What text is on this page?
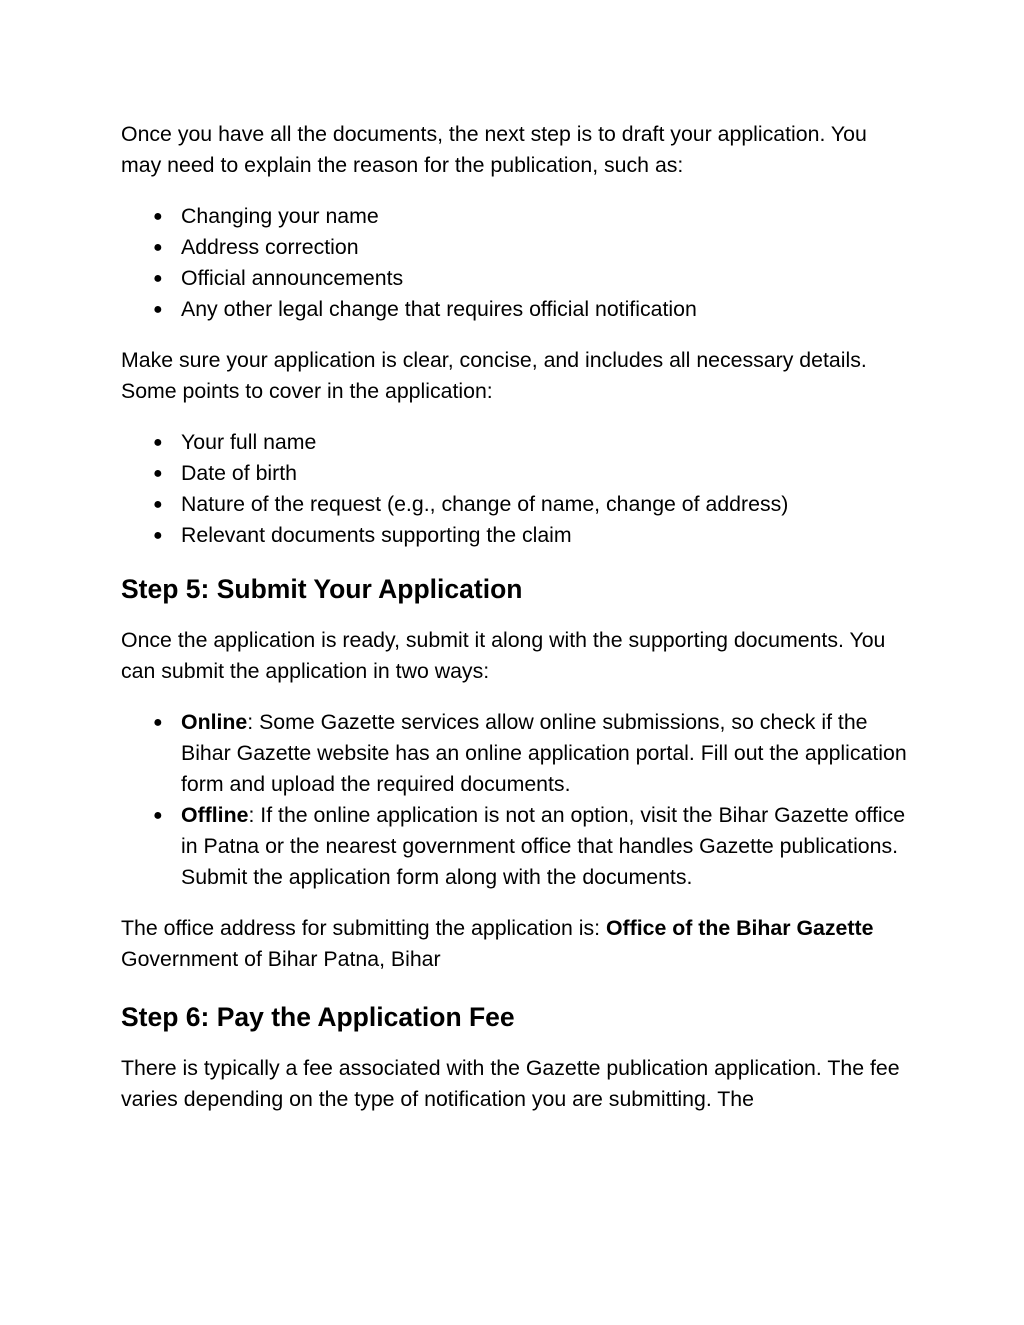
Once you have all the documents, the next step is to draft your application. You may need to explain the reason for the publication, such as:

● Changing your name
● Address correction
● Official announcements
● Any other legal change that requires official notification

Make sure your application is clear, concise, and includes all necessary details. Some points to cover in the application:

● Your full name
● Date of birth
● Nature of the request (e.g., change of name, change of address)
● Relevant documents supporting the claim
Step 5: Submit Your Application

Once the application is ready, submit it along with the supporting documents. You can submit the application in two ways:

● Online: Some Gazette services allow online submissions, so check if the Bihar Gazette website has an online application portal. Fill out the application form and upload the required documents.
● Offline: If the online application is not an option, visit the Bihar Gazette office in Patna or the nearest government office that handles Gazette publications. Submit the application form along with the documents.

The office address for submitting the application is: Office of the Bihar Gazette Government of Bihar Patna, Bihar

Step 6: Pay the Application Fee

There is typically a fee associated with the Gazette publication application. The fee varies depending on the type of notification you are submitting. The
